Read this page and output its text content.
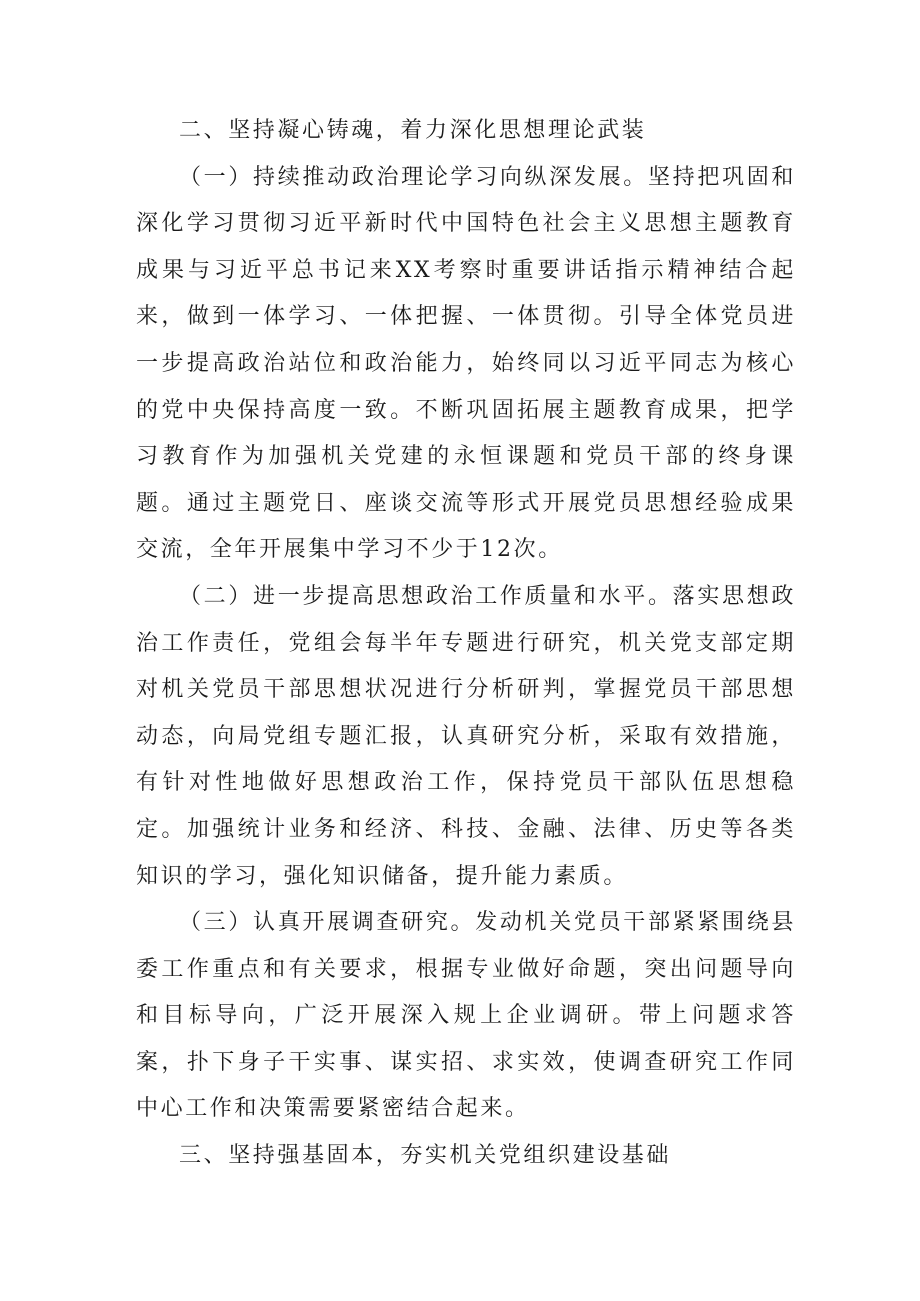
二、坚持凝心铸魂，着力深化思想理论武装

（一）持续推动政治理论学习向纵深发展。坚持把巩固和深化学习贯彻习近平新时代中国特色社会主义思想主题教育成果与习近平总书记来XX考察时重要讲话指示精神结合起来，做到一体学习、一体把握、一体贯彻。引导全体党员进一步提高政治站位和政治能力，始终同以习近平同志为核心的党中央保持高度一致。不断巩固拓展主题教育成果，把学习教育作为加强机关党建的永恒课题和党员干部的终身课题。通过主题党日、座谈交流等形式开展党员思想经验成果交流，全年开展集中学习不少于12次。

（二）进一步提高思想政治工作质量和水平。落实思想政治工作责任，党组会每半年专题进行研究，机关党支部定期对机关党员干部思想状况进行分析研判，掌握党员干部思想动态，向局党组专题汇报，认真研究分析，采取有效措施，有针对性地做好思想政治工作，保持党员干部队伍思想稳定。加强统计业务和经济、科技、金融、法律、历史等各类知识的学习，强化知识储备，提升能力素质。

（三）认真开展调查研究。发动机关党员干部紧紧围绕县委工作重点和有关要求，根据专业做好命题，突出问题导向和目标导向，广泛开展深入规上企业调研。带上问题求答案，扑下身子干实事、谋实招、求实效，使调查研究工作同中心工作和决策需要紧密结合起来。

三、坚持强基固本，夯实机关党组织建设基础
